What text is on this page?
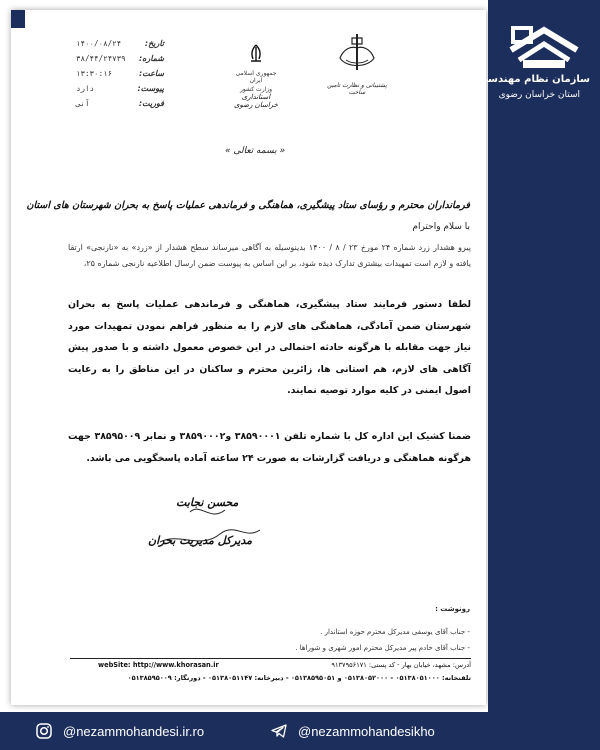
تاریخ:
۱۴۰۰/۰۸/۲۴
شماره:
۳۸/۴۴/۲۴۷۳۹
ساعت:
۱۳:۳۰:۱۶
پیوست:
دارد
فوریت:
آنی
جمهوری اسلامی ایران
وزارت کشور
استانداری خراسان رضوی
پشتیبانی و نظارت تامین ساخت
« بسمه تعالی »
فرمانداران محترم و رؤسای ستاد پیشگیری، هماهنگی و فرماندهی عملیات پاسخ به بحران شهرستان های استان
با سلام واحترام
پیرو هشدار زرد شماره ۲۴ مورخ ۲۳ / ۸ / ۱۴۰۰ بدینوسیله به آگاهی میرساند سطح هشدار از «زرد» به «نارنجی» ارتقا یافته و لازم است تمهیدات بیشتری تدارک دیده شود، بر این اساس به پیوست ضمن ارسال اطلاعیه نارنجی شماره ۲۵،
لطفا دستور فرمایند ستاد پیشگیری، هماهنگی و فرماندهی عملیات پاسخ به بحران شهرستان ضمن آمادگی، هماهنگی های لازم را به منظور فراهم نمودن تمهیدات مورد نیاز جهت مقابله با هرگونه حادثه احتمالی در این خصوص معمول داشته و با صدور پیش آگاهی های لازم، هم استانی ها، زائرین محترم و ساکنان در این مناطق را به رعایت اصول ایمنی در کلیه موارد توصیه نمایند.
ضمنا کشیک این اداره کل با شماره تلفن ۳۸۵۹۰۰۰۱ و۳۸۵۹۰۰۰۲ و نمابر ۳۸۵۹۵۰۰۹ جهت هرگونه هماهنگی و دریافت گزارشات به صورت ۲۴ ساعته آماده پاسخگویی می باشد.
محسن نجابت
مدیرکل مدیریت بحران
رونوشت :
- جناب آقای یوسفی مدیرکل محترم حوزه استاندار .
- جناب آقای خادم پیر مدیرکل محترم امور شهری و شوراها .
آدرس: مشهد، خیابان بهار - کد پستی: ۹۱۳۷۹۵۶۱۷۱
webSite: http://www.khorasan.ir
تلفنخانه: ۰۵۱۳۸۰۵۱۰۰۰ - ۰۵۱۳۸۰۵۲۰۰۰ و ۰۵۱۳۸۵۹۵۰۵۱ - دبیرخانه: ۰۵۱۳۸۰۵۱۱۴۷ - دورنگار: ۰۵۱۳۸۵۹۵۰۰۹
سازمان نظام مهندسی ساختمان
استان خراسان رضوی
@nezammohandesi.ir.ro	@nezammohandesikho
